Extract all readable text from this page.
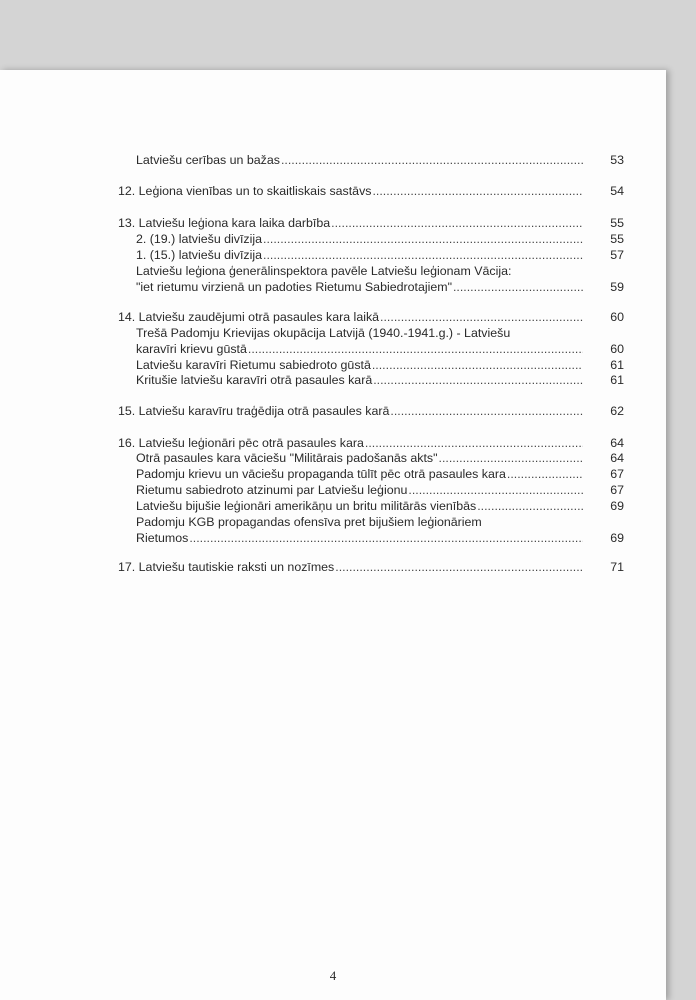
Latviešu cerības un bažas .....	53
12. Leģiona vienības un to skaitliskais sastāvs .....	54
13. Latviešu leģiona kara laika darbība .....	55
2. (19.) latviešu divīzija .....	55
1. (15.) latviešu divīzija .....	57
Latviešu leģiona ģenerālinspektora pavēle Latviešu leģionam Vācija:
"iet rietumu virzienā un padoties Rietumu Sabiedrotajiem" .....	59
14. Latviešu zaudējumi otrā pasaules kara laikā .....	60
Trešā Padomju Krievijas okupācija Latvijā (1940.-1941.g.) - Latviešu
karavīri krievu gūstā .....	60
Latviešu karavīri Rietumu sabiedroto gūstā .....	61
Kritušie latviešu karavīri otrā pasaules karā .....	61
15. Latviešu karavīru traģēdija otrā pasaules karā .....	62
16. Latviešu leģionāri pēc otrā pasaules kara .....	64
Otrā pasaules kara vāciešu "Militārais padošanās akts" .....	64
Padomju krievu un vāciešu propaganda tūlīt pēc otrā pasaules kara .....	67
Rietumu sabiedroto atzinumi par Latviešu leģionu .....	67
Latviešu bijušie leģionāri amerikāņu un britu militārās vienībās .....	69
Padomju KGB propagandas ofensīva pret bijušiem leģionāriem
Rietumos .....	69
17. Latviešu tautiskie raksti un nozīmes .....	71
4
